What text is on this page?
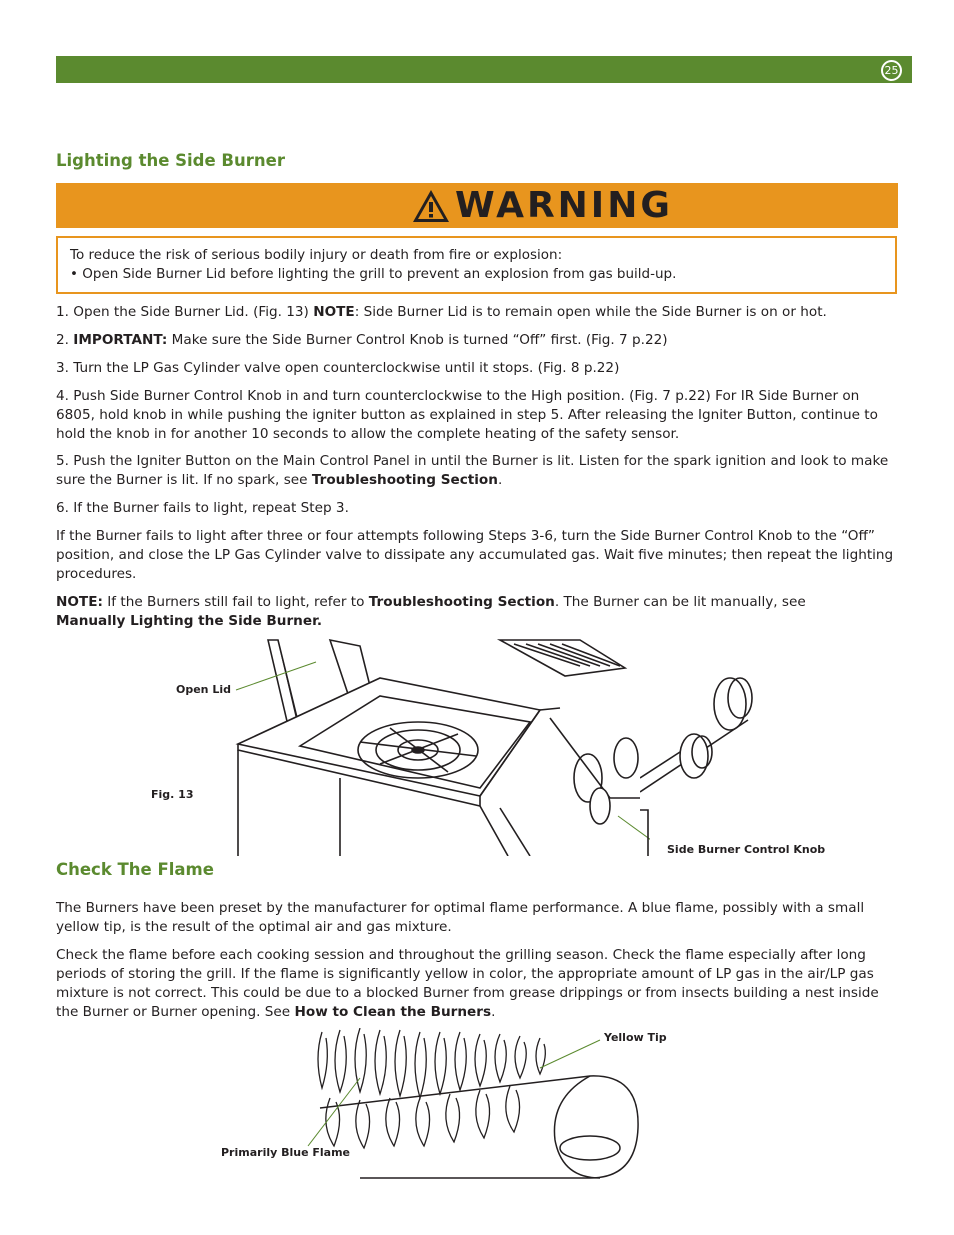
25
Lighting the Side Burner
WARNING

To reduce the risk of serious bodily injury or death from fire or explosion:

• Open Side Burner Lid before lighting the grill to prevent an explosion from gas build-up.

1. Open the Side Burner Lid. (Fig. 13) NOTE: Side Burner Lid is to remain open while the Side Burner is on or hot.

2. IMPORTANT: Make sure the Side Burner Control Knob is turned “Off” first. (Fig. 7 p.22)

3. Turn the LP Gas Cylinder valve open counterclockwise until it stops. (Fig. 8 p.22)

4. Push Side Burner Control Knob in and turn counterclockwise to the High position. (Fig. 7 p.22) For IR Side Burner on 6805, hold knob in while pushing the igniter button as explained in step 5. After releasing the Igniter Button, continue to hold the knob in for another 10 seconds to allow the complete heating of the safety sensor.

5. Push the Igniter Button on the Main Control Panel in until the Burner is lit. Listen for the spark ignition and look to make sure the Burner is lit. If no spark, see Troubleshooting Section.

6. If the Burner fails to light, repeat Step 3.

If the Burner fails to light after three or four attempts following Steps 3-6, turn the Side Burner Control Knob to the “Off” position, and close the LP Gas Cylinder valve to dissipate any accumulated gas. Wait five minutes; then repeat the lighting procedures.

NOTE: If the Burners still fail to light, refer to Troubleshooting Section. The Burner can be lit manually, see
Manually Lighting the Side Burner.

Open Lid
Fig. 13
Side Burner Control Knob
Check The Flame

The Burners have been preset by the manufacturer for optimal flame performance. A blue flame, possibly with a small yellow tip, is the result of the optimal air and gas mixture.

Check the flame before each cooking session and throughout the grilling season. Check the flame especially after long periods of storing the grill. If the flame is significantly yellow in color, the appropriate amount of LP gas in the air/LP gas mixture is not correct. This could be due to a blocked Burner from grease drippings or from insects building a nest inside the Burner or Burner opening. See How to Clean the Burners.

Yellow Tip
Primarily Blue Flame
